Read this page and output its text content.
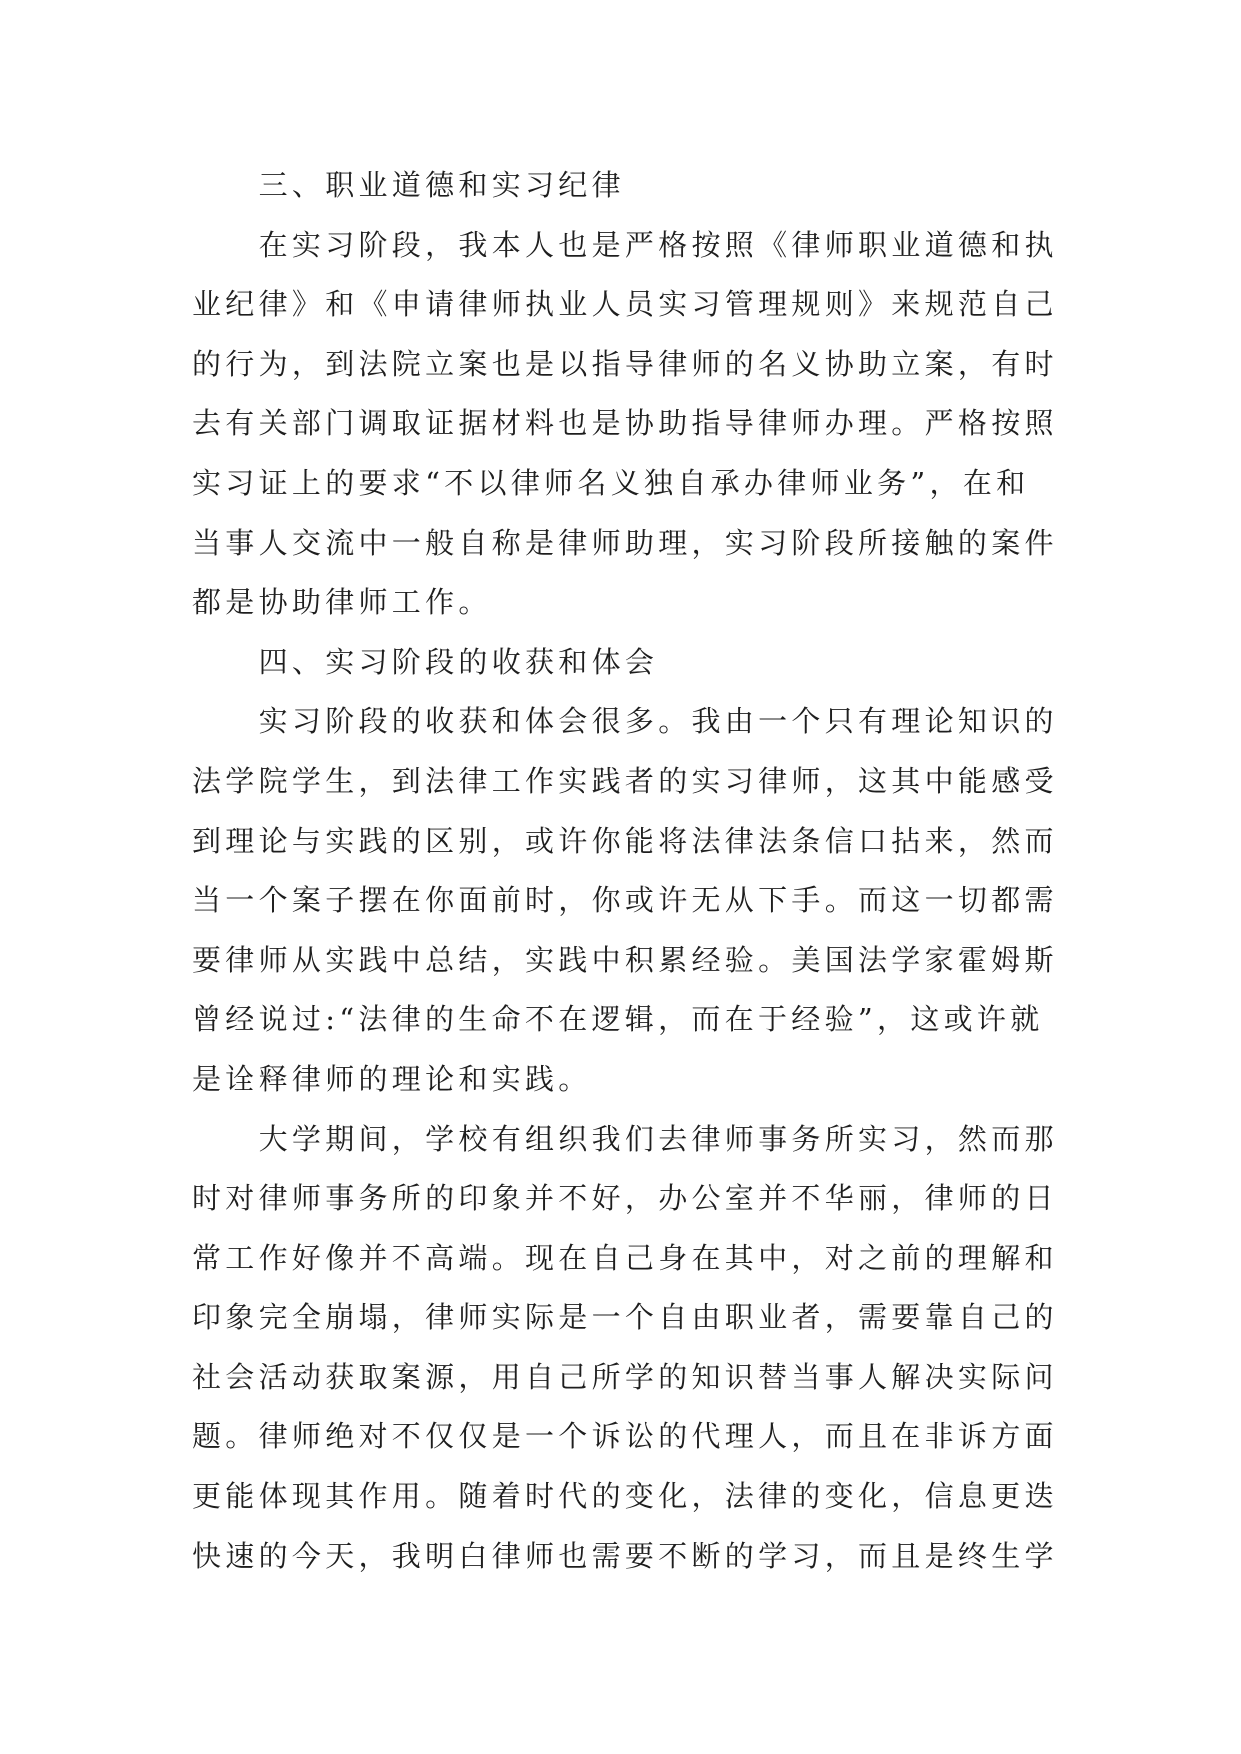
三、职业道德和实习纪律
在实习阶段，我本人也是严格按照《律师职业道德和执
业纪律》和《申请律师执业人员实习管理规则》来规范自己
的行为，到法院立案也是以指导律师的名义协助立案，有时
去有关部门调取证据材料也是协助指导律师办理。严格按照
实习证上的要求“不以律师名义独自承办律师业务”，在和
当事人交流中一般自称是律师助理，实习阶段所接触的案件
都是协助律师工作。
四、实习阶段的收获和体会
实习阶段的收获和体会很多。我由一个只有理论知识的
法学院学生，到法律工作实践者的实习律师，这其中能感受
到理论与实践的区别，或许你能将法律法条信口拈来，然而
当一个案子摆在你面前时，你或许无从下手。而这一切都需
要律师从实践中总结，实践中积累经验。美国法学家霍姆斯
曾经说过:“法律的生命不在逻辑，而在于经验”，这或许就
是诠释律师的理论和实践。
大学期间，学校有组织我们去律师事务所实习，然而那
时对律师事务所的印象并不好，办公室并不华丽，律师的日
常工作好像并不高端。现在自己身在其中，对之前的理解和
印象完全崩塌，律师实际是一个自由职业者，需要靠自己的
社会活动获取案源，用自己所学的知识替当事人解决实际问
题。律师绝对不仅仅是一个诉讼的代理人，而且在非诉方面
更能体现其作用。随着时代的变化，法律的变化，信息更迭
快速的今天，我明白律师也需要不断的学习，而且是终生学
